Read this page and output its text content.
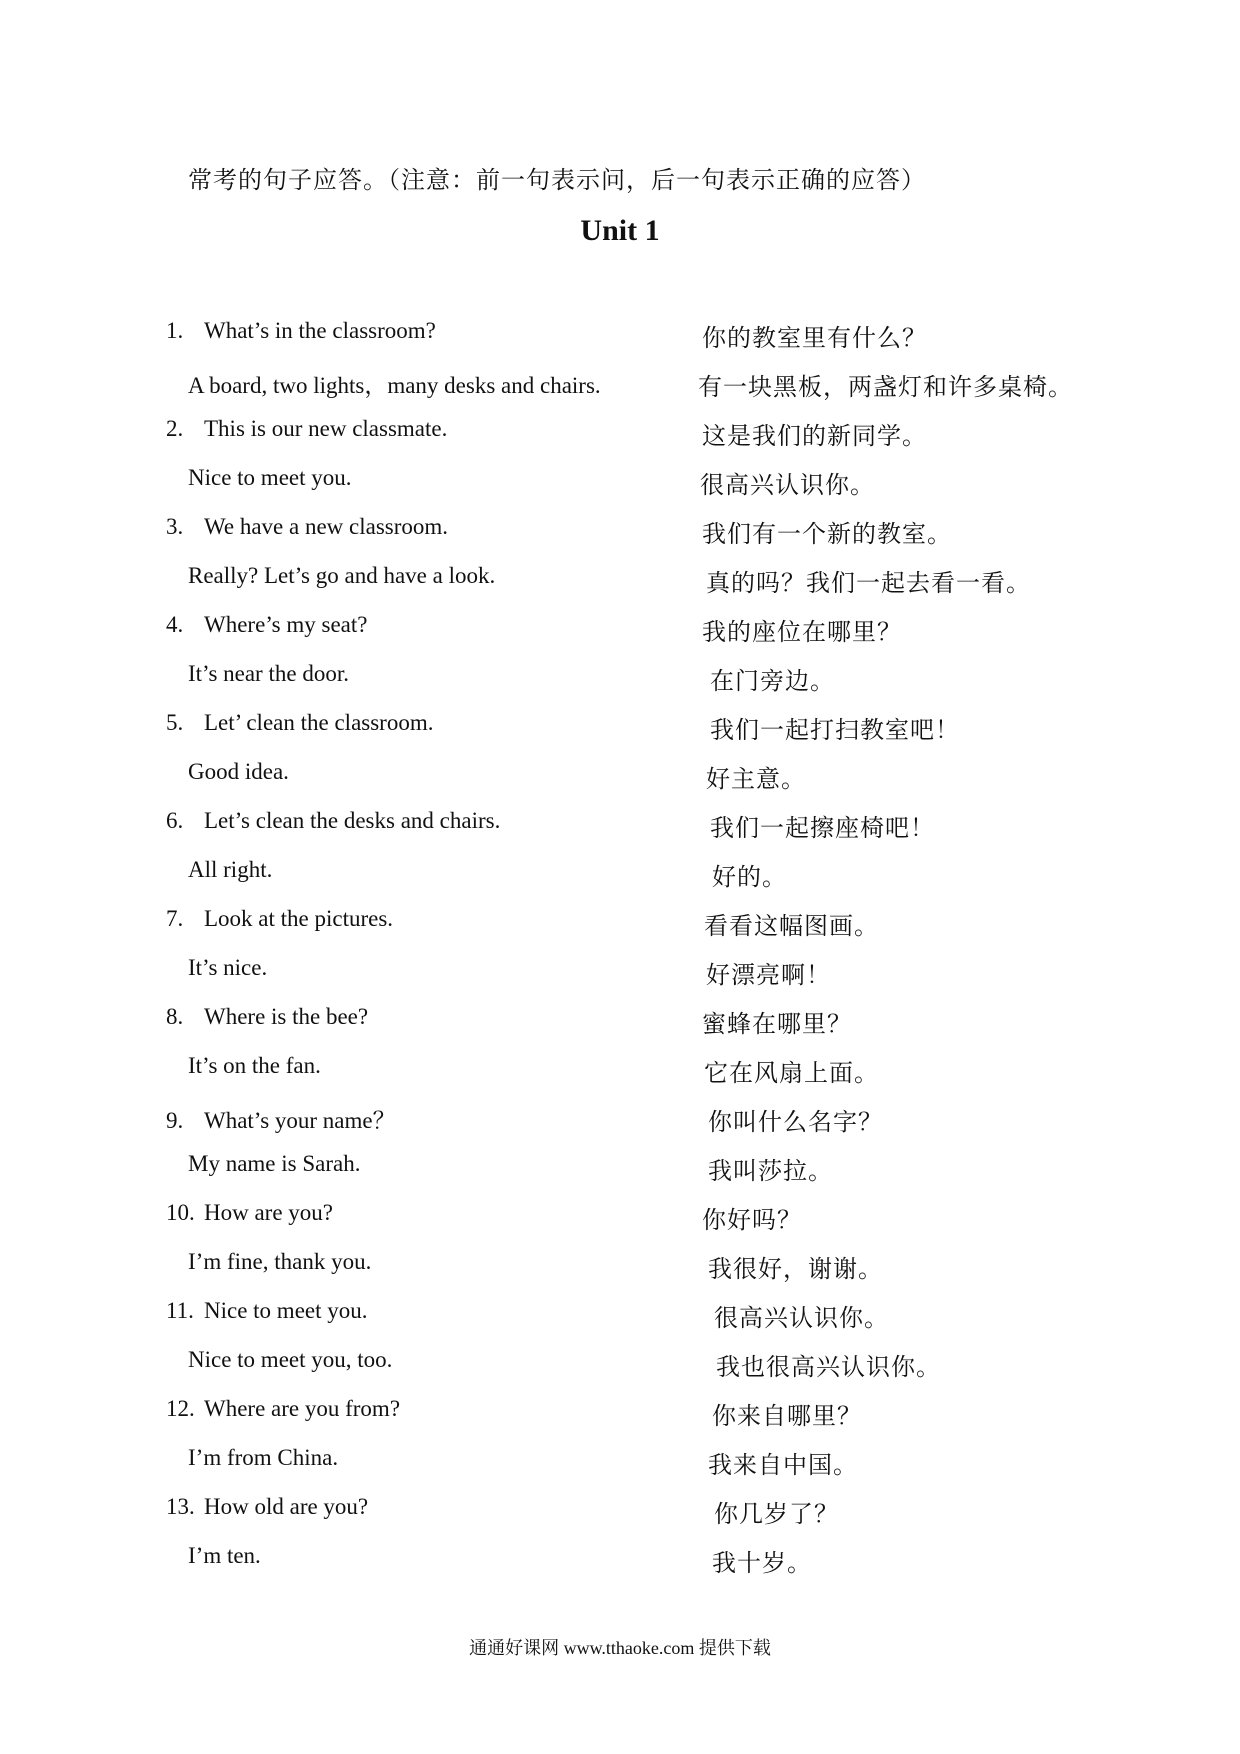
常考的句子应答。（注意：前一句表示问，后一句表示正确的应答）
Unit 1
1. What’s in the classroom?	你的教室里有什么？
A board, two lights，many desks and chairs.	有一块黑板，两盏灯和许多桌椅。
2. This is our new classmate.	这是我们的新同学。
Nice to meet you.	很高兴认识你。
3. We have a new classroom.	我们有一个新的教室。
Really? Let’s go and have a look.	真的吗？我们一起去看一看。
4. Where’s my seat?	我的座位在哪里？
It’s near the door.	在门旁边。
5. Let’ clean the classroom.	我们一起打扫教室吧！
Good idea.	好主意。
6. Let’s clean the desks and chairs.	我们一起擦座椅吧！
All right.	好的。
7. Look at the pictures.	看看这幅图画。
It’s nice.	好漂亮啊！
8. Where is the bee?	蜜蜂在哪里？
It’s on the fan.	它在风扇上面。
9. What’s your name？	你叫什么名字？
My name is Sarah.	我叫莎拉。
10. How are you?	你好吗？
I’m fine, thank you.	我很好，谢谢。
11. Nice to meet you.	很高兴认识你。
Nice to meet you, too.	我也很高兴认识你。
12. Where are you from?	你来自哪里？
I’m from China.	我来自中国。
13. How old are you?	你几岁了？
I’m ten.	我十岁。
通通好课网 www.tthaoke.com 提供下载
